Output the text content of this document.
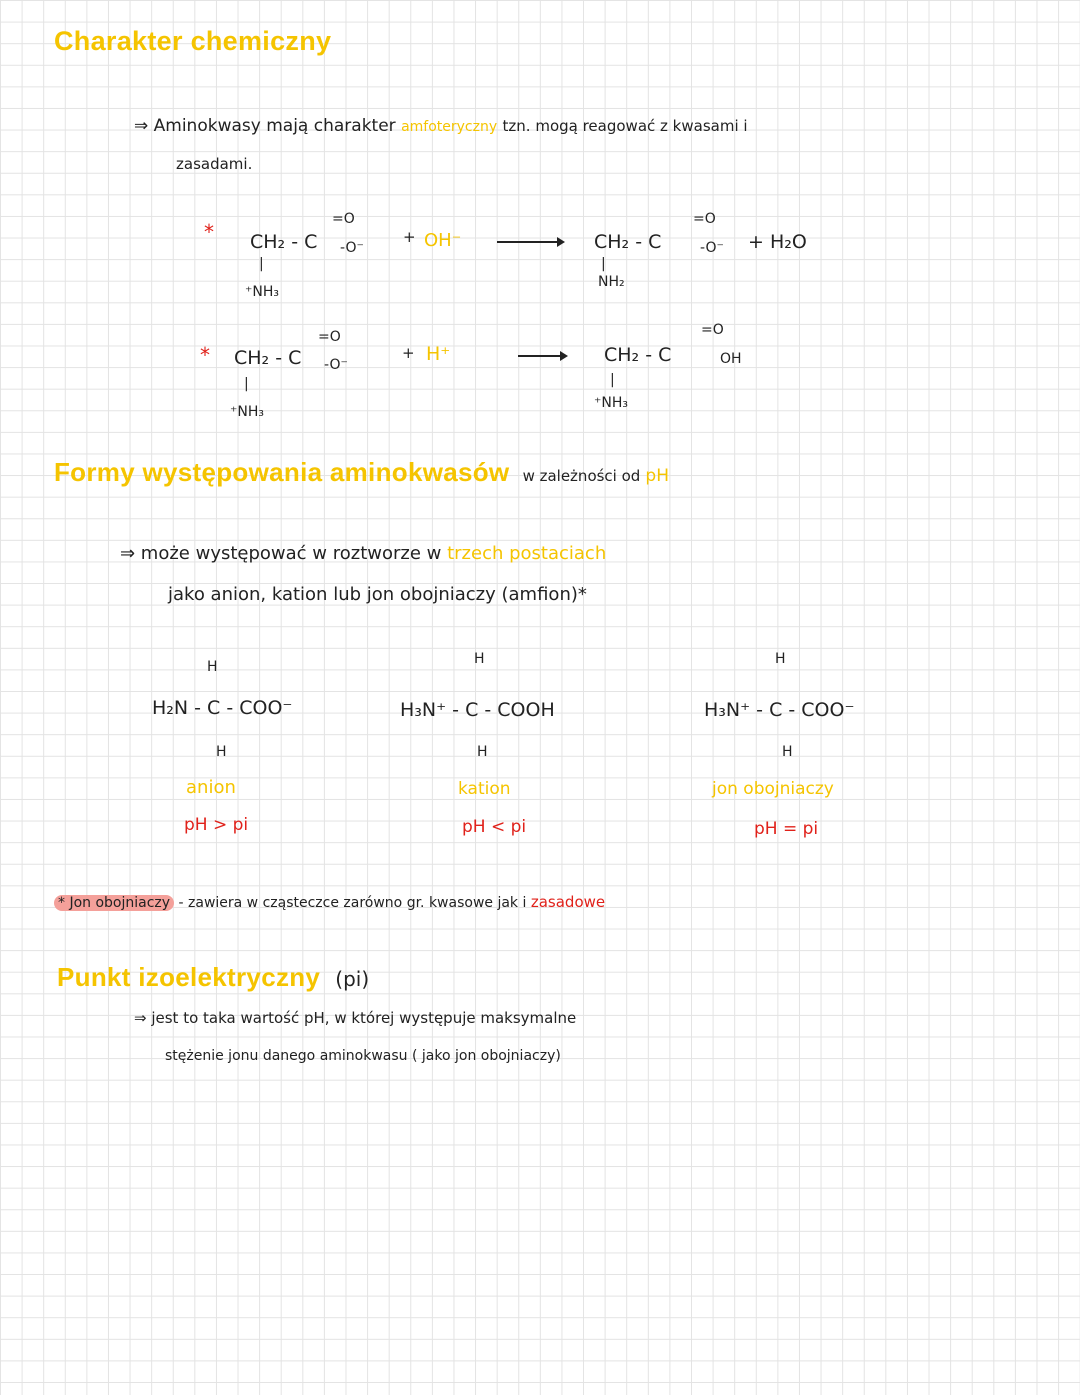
Charakter chemiczny
⇒ Aminokwasy mają charakter amfoteryczny tzn. mogą reagować z kwasami i
zasadami.
* CH₂ - C
=O
-O⁻
|
⁺NH₃
+ OH⁻	CH₂ - C
=O
-O⁻
|
NH₂
+ H₂O
* CH₂ - C
=O
-O⁻
|
⁺NH₃
+ H⁺	CH₂ - C
=O
OH
|
⁺NH₃
Formy występowania aminokwasów w zależności od pH
⇒ może występować w roztworze w trzech postaciach
jako anion, kation lub jon obojniaczy (amfion)*
H
H₂N - C - COO⁻
H
anion
pH > pi
H
H₃N⁺ - C - COOH
H
kation
pH < pi
H
H₃N⁺ - C - COO⁻
H
jon obojniaczy
pH = pi
* Jon obojniaczy - zawiera w cząsteczce zarówno gr. kwasowe jak i zasadowe
Punkt izoelektryczny (pi)
⇒ jest to taka wartość pH, w której występuje maksymalne
stężenie jonu danego aminokwasu ( jako jon obojniaczy)
